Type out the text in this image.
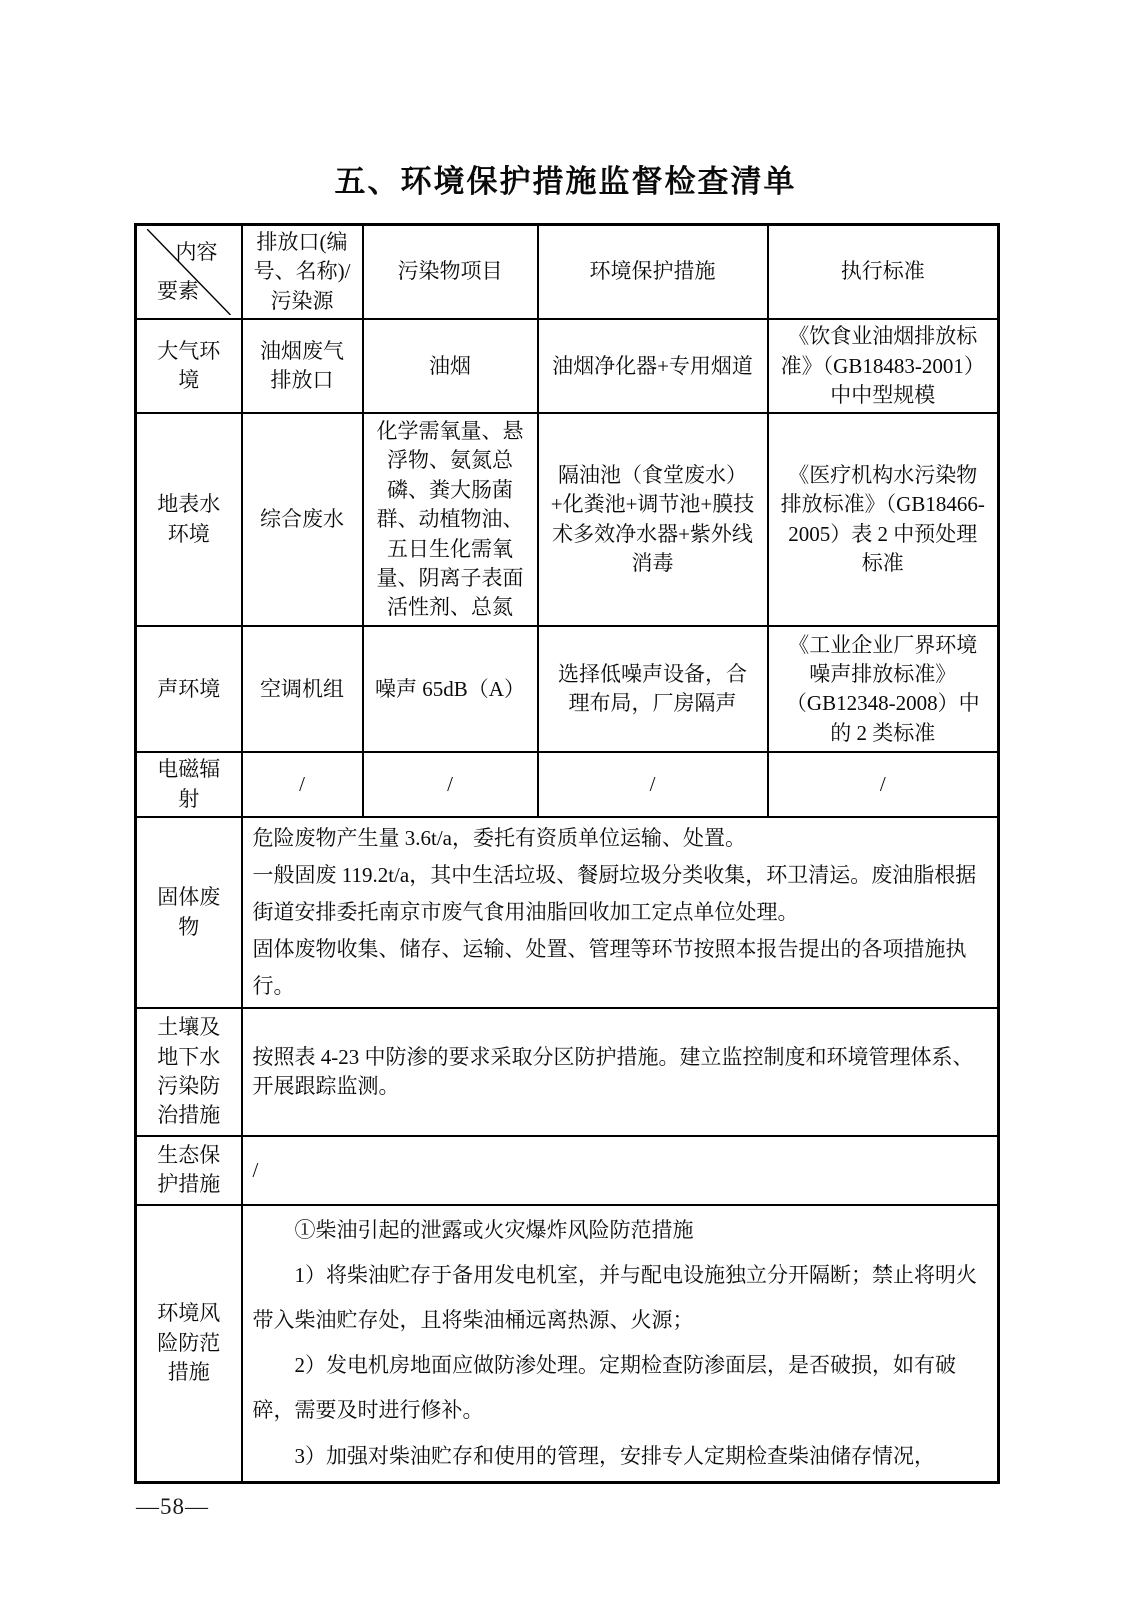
五、环境保护措施监督检查清单
内容
要素	排放口(编号、名称)/污染源	污染物项目	环境保护措施	执行标准
大气环境	油烟废气排放口	油烟	油烟净化器+专用烟道	《饮食业油烟排放标准》（GB18483-2001）中中型规模
地表水环境	综合废水	化学需氧量、悬浮物、氨氮总磷、粪大肠菌群、动植物油、五日生化需氧量、阴离子表面活性剂、总氮	隔油池（食堂废水）+化粪池+调节池+膜技术多效净水器+紫外线消毒	《医疗机构水污染物排放标准》（GB18466-2005）表 2 中预处理标准
声环境	空调机组	噪声 65dB（A）	选择低噪声设备，合理布局，厂房隔声	《工业企业厂界环境噪声排放标准》（GB12348-2008）中的 2 类标准
电磁辐射	/	/	/	/
固体废物	危险废物产生量 3.6t/a，委托有资质单位运输、处置。
一般固废 119.2t/a，其中生活垃圾、餐厨垃圾分类收集，环卫清运。废油脂根据街道安排委托南京市废气食用油脂回收加工定点单位处理。
固体废物收集、储存、运输、处置、管理等环节按照本报告提出的各项措施执行。			

土壤及地下水污染防治措施	按照表 4-23 中防渗的要求采取分区防护措施。建立监控制度和环境管理体系、开展跟踪监测。			
生态保护措施	/			
环境风险防范措施	①柴油引起的泄露或火灾爆炸风险防范措施

1）将柴油贮存于备用发电机室，并与配电设施独立分开隔断；禁止将明火带入柴油贮存处，且将柴油桶远离热源、火源；

2）发电机房地面应做防渗处理。定期检查防渗面层，是否破损，如有破碎，需要及时进行修补。

3）加强对柴油贮存和使用的管理，安排专人定期检查柴油储存情况，			

—58—
